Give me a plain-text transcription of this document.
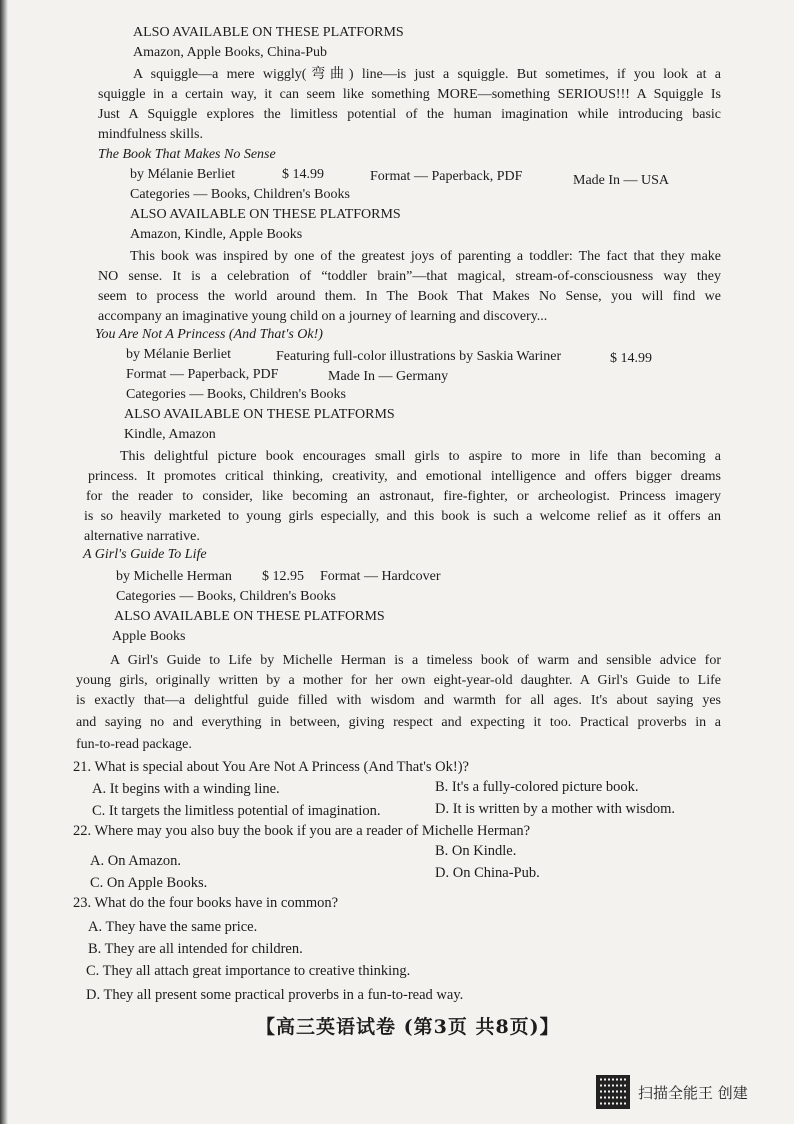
ALSO AVAILABLE ON THESE PLATFORMS
Amazon, Apple Books, China-Pub
A squiggle—a mere wiggly(弯曲) line—is just a squiggle. But sometimes, if you look at a
squiggle in a certain way, it can seem like something MORE—something SERIOUS!!! A Squiggle Is
Just A Squiggle explores the limitless potential of the human imagination while introducing basic
mindfulness skills.
The Book That Makes No Sense
by Mélanie Berliet	$ 14.99	Format — Paperback, PDF	Made In — USA
Categories — Books, Children's Books
ALSO AVAILABLE ON THESE PLATFORMS
Amazon, Kindle, Apple Books
This book was inspired by one of the greatest joys of parenting a toddler: The fact that they make
NO sense. It is a celebration of “toddler brain”—that magical, stream-of-consciousness way they
seem to process the world around them. In The Book That Makes No Sense, you will find we
accompany an imaginative young child on a journey of learning and discovery...
You Are Not A Princess (And That's Ok!)
by Mélanie Berliet	Featuring full-color illustrations by Saskia Wariner	$ 14.99
Format — Paperback, PDF	Made In — Germany
Categories — Books, Children's Books
ALSO AVAILABLE ON THESE PLATFORMS
Kindle, Amazon
This delightful picture book encourages small girls to aspire to more in life than becoming a
princess. It promotes critical thinking, creativity, and emotional intelligence and offers bigger dreams
for the reader to consider, like becoming an astronaut, fire-fighter, or archeologist. Princess imagery
is so heavily marketed to young girls especially, and this book is such a welcome relief as it offers an
alternative narrative.
A Girl's Guide To Life
by Michelle Herman $ 12.95 Format — Hardcover
Categories — Books, Children's Books
ALSO AVAILABLE ON THESE PLATFORMS
Apple Books
A Girl's Guide to Life by Michelle Herman is a timeless book of warm and sensible advice for
young girls, originally written by a mother for her own eight-year-old daughter. A Girl's Guide to Life
is exactly that—a delightful guide filled with wisdom and warmth for all ages. It's about saying yes
and saying no and everything in between, giving respect and expecting it too. Practical proverbs in a
fun-to-read package.
21. What is special about You Are Not A Princess (And That's Ok!)?
A. It begins with a winding line.	B. It's a fully-colored picture book.
C. It targets the limitless potential of imagination.	D. It is written by a mother with wisdom.
22. Where may you also buy the book if you are a reader of Michelle Herman?
A. On Amazon.
B. On Kindle.
C. On Apple Books.
D. On China-Pub.
23. What do the four books have in common?
A. They have the same price.
B. They are all intended for children.
C. They all attach great importance to creative thinking.
D. They all present some practical proverbs in a fun-to-read way.
【高三英语试卷 (第3页 共8页)】
扫描全能王 创建
